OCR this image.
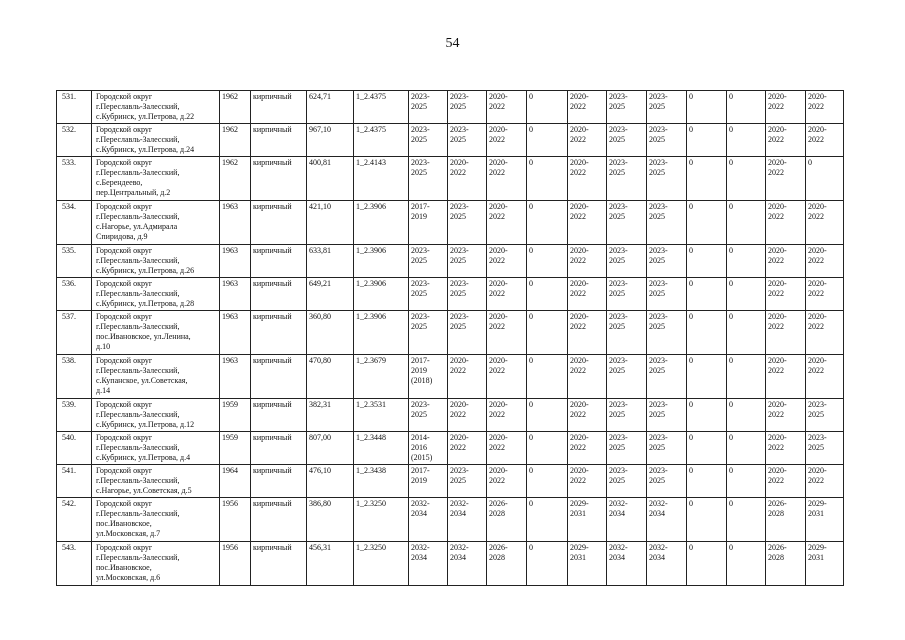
54
531.	Городской округ
г.Переславль-Залесский,
с.Кубринск, ул.Петрова, д.22	1962	кирпичный	624,71	1_2.4375	2023-
2025	2023-
2025	2020-
2022	0	2020-
2022	2023-
2025	2023-
2025	0	0	2020-
2022	2020-
2022

532.	Городской округ
г.Переславль-Залесский,
с.Кубринск, ул.Петрова, д.24	1962	кирпичный	967,10	1_2.4375	2023-
2025	2023-
2025	2020-
2022	0	2020-
2022	2023-
2025	2023-
2025	0	0	2020-
2022	2020-
2022

533.	Городской округ
г.Переславль-Залесский,
с.Берендеево,
пер.Центральный, д.2	1962	кирпичный	400,81	1_2.4143	2023-
2025	2020-
2022	2020-
2022	0	2020-
2022	2023-
2025	2023-
2025	0	0	2020-
2022	0

534.	Городской округ
г.Переславль-Залесский,
с.Нагорье, ул.Адмирала
Спиридова, д.9	1963	кирпичный	421,10	1_2.3906	2017-
2019	2023-
2025	2020-
2022	0	2020-
2022	2023-
2025	2023-
2025	0	0	2020-
2022	2020-
2022

535.	Городской округ
г.Переславль-Залесский,
с.Кубринск, ул.Петрова, д.26	1963	кирпичный	633,81	1_2.3906	2023-
2025	2023-
2025	2020-
2022	0	2020-
2022	2023-
2025	2023-
2025	0	0	2020-
2022	2020-
2022

536.	Городской округ
г.Переславль-Залесский,
с.Кубринск, ул.Петрова, д.28	1963	кирпичный	649,21	1_2.3906	2023-
2025	2023-
2025	2020-
2022	0	2020-
2022	2023-
2025	2023-
2025	0	0	2020-
2022	2020-
2022

537.	Городской округ
г.Переславль-Залесский,
пос.Ивановское, ул.Ленина,
д.10	1963	кирпичный	360,80	1_2.3906	2023-
2025	2023-
2025	2020-
2022	0	2020-
2022	2023-
2025	2023-
2025	0	0	2020-
2022	2020-
2022

538.	Городской округ
г.Переславль-Залесский,
с.Купанское, ул.Советская,
д.14	1963	кирпичный	470,80	1_2.3679	2017-
2019
(2018)	2020-
2022	2020-
2022	0	2020-
2022	2023-
2025	2023-
2025	0	0	2020-
2022	2020-
2022

539.	Городской округ
г.Переславль-Залесский,
с.Кубринск, ул.Петрова, д.12	1959	кирпичный	382,31	1_2.3531	2023-
2025	2020-
2022	2020-
2022	0	2020-
2022	2023-
2025	2023-
2025	0	0	2020-
2022	2023-
2025

540.	Городской округ
г.Переславль-Залесский,
с.Кубринск, ул.Петрова, д.4	1959	кирпичный	807,00	1_2.3448	2014-
2016
(2015)	2020-
2022	2020-
2022	0	2020-
2022	2023-
2025	2023-
2025	0	0	2020-
2022	2023-
2025

541.	Городской округ
г.Переславль-Залесский,
с.Нагорье, ул.Советская, д.5	1964	кирпичный	476,10	1_2.3438	2017-
2019	2023-
2025	2020-
2022	0	2020-
2022	2023-
2025	2023-
2025	0	0	2020-
2022	2020-
2022

542.	Городской округ
г.Переславль-Залесский,
пос.Ивановское,
ул.Московская, д.7	1956	кирпичный	386,80	1_2.3250	2032-
2034	2032-
2034	2026-
2028	0	2029-
2031	2032-
2034	2032-
2034	0	0	2026-
2028	2029-
2031

543.	Городской округ
г.Переславль-Залесский,
пос.Ивановское,
ул.Московская, д.6	1956	кирпичный	456,31	1_2.3250	2032-
2034	2032-
2034	2026-
2028	0	2029-
2031	2032-
2034	2032-
2034	0	0	2026-
2028	2029-
2031
